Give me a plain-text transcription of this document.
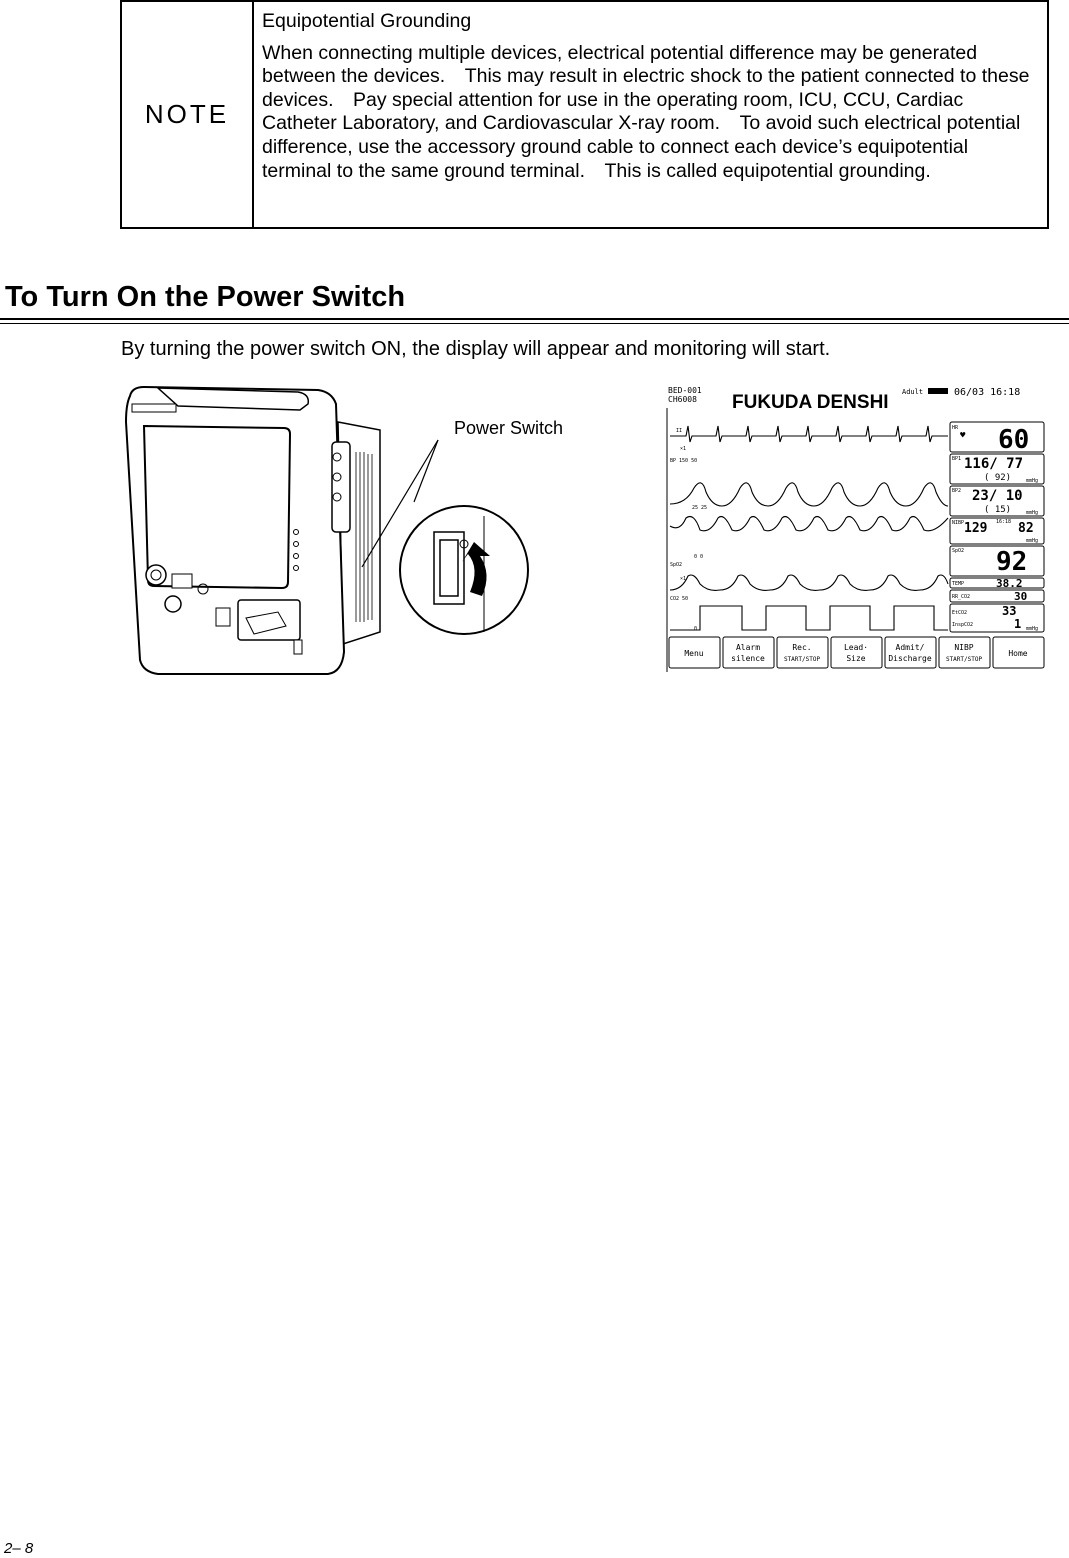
NOTE

Equipotential Grounding

When connecting multiple devices, electrical potential difference may be generated between the devices.　This may result in electric shock to the patient connected to these devices.　Pay special attention for use in the operating room, ICU, CCU, Cardiac Catheter Laboratory, and Cardiovascular X-ray room.　To avoid such electrical potential difference, use the accessory ground cable to connect each device’s equipotential terminal to the same ground terminal.　This is called equipotential grounding.

To Turn On the Power Switch

By turning the power switch ON, the display will appear and monitoring will start.

Power Switch
BED-001
CH6008 FUKUDA DENSHI Adult	06/03 16:18
II
×1
BP 150 50
25 25
SpO2
0 0
×1
CO2 50
0
HR
BP1
BP2
NIBP	16:18
SpO2
TEMP
RR_CO2
EtCO2
InspCO2
mmHg
mmHg
mmHg
mmHg
♥ 60
116/ 77
23/ 10
129 82
92
38.2
30
33
1
( 92)
( 15)
Menu
Alarm
silence
Rec.
START/STOP
Lead·
Size
Admit/
Discharge
NIBP
START/STOP
Home
2– 8
